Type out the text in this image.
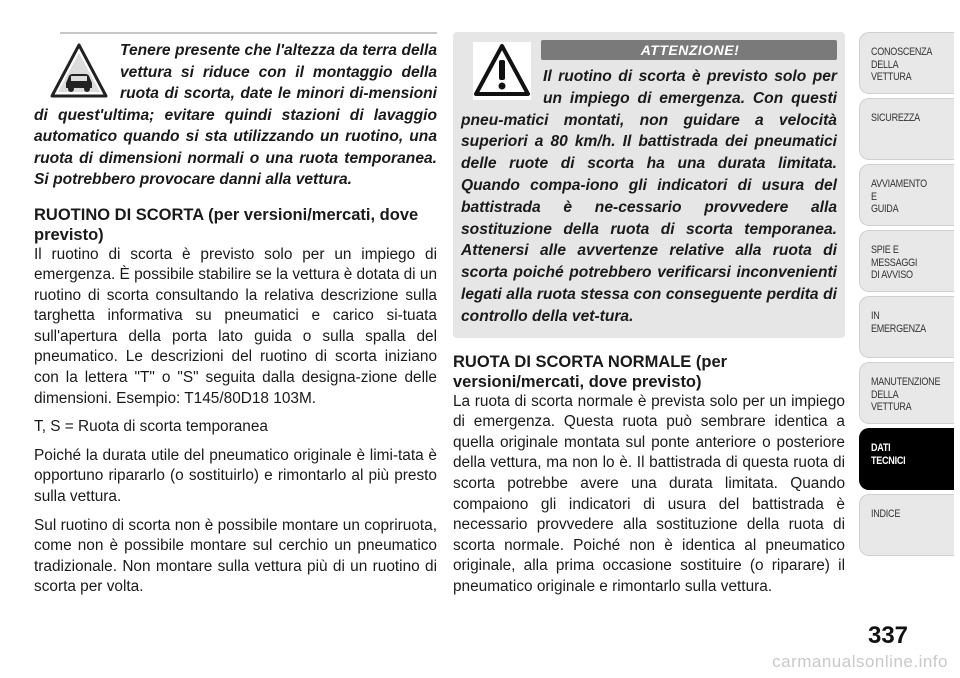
Tenere presente che l'altezza da terra della vettura si riduce con il montaggio della ruota di scorta, date le minori di-mensioni di quest'ultima; evitare quindi stazioni di lavaggio automatico quando si sta utilizzando un ruotino, una ruota di dimensioni normali o una ruota temporanea. Si potrebbero provocare danni alla vettura.

RUOTINO DI SCORTA (per versioni/mercati, dove previsto)

Il ruotino di scorta è previsto solo per un impiego di emergenza. È possibile stabilire se la vettura è dotata di un ruotino di scorta consultando la relativa descrizione sulla targhetta informativa su pneumatici e carico si-tuata sull'apertura della porta lato guida o sulla spalla del pneumatico. Le descrizioni del ruotino di scorta iniziano con la lettera "T" o "S" seguita dalla designa-zione delle dimensioni. Esempio: T145/80D18 103M.

T, S = Ruota di scorta temporanea

Poiché la durata utile del pneumatico originale è limi-tata è opportuno ripararlo (o sostituirlo) e rimontarlo al più presto sulla vettura.

Sul ruotino di scorta non è possibile montare un copriruota, come non è possibile montare sul cerchio un pneumatico tradizionale. Non montare sulla vettura più di un ruotino di scorta per volta.

ATTENZIONE!

Il ruotino di scorta è previsto solo per un impiego di emergenza. Con questi pneu-matici montati, non guidare a velocità superiori a 80 km/h. Il battistrada dei pneumatici delle ruote di scorta ha una durata limitata. Quando compa-iono gli indicatori di usura del battistrada è ne-cessario provvedere alla sostituzione della ruota di scorta temporanea. Attenersi alle avvertenze relative alla ruota di scorta poiché potrebbero verificarsi inconvenienti legati alla ruota stessa con conseguente perdita di controllo della vet-tura.

RUOTA DI SCORTA NORMALE (per versioni/mercati, dove previsto)

La ruota di scorta normale è prevista solo per un impiego di emergenza. Questa ruota può sembrare identica a quella originale montata sul ponte anteriore o posteriore della vettura, ma non lo è. Il battistrada di questa ruota di scorta potrebbe avere una durata limitata. Quando compaiono gli indicatori di usura del battistrada è necessario provvedere alla sostituzione della ruota di scorta normale. Poiché non è identica al pneumatico originale, alla prima occasione sostituire (o riparare) il pneumatico originale e rimontarlo sulla vettura.

CONOSCENZA
DELLA
VETTURA
SICUREZZA
AVVIAMENTO
E
GUIDA
SPIE E
MESSAGGI
DI AVVISO
IN
EMERGENZA
MANUTENZIONE
DELLA
VETTURA
DATI
TECNICI
INDICE
337
carmanualsonline.info
